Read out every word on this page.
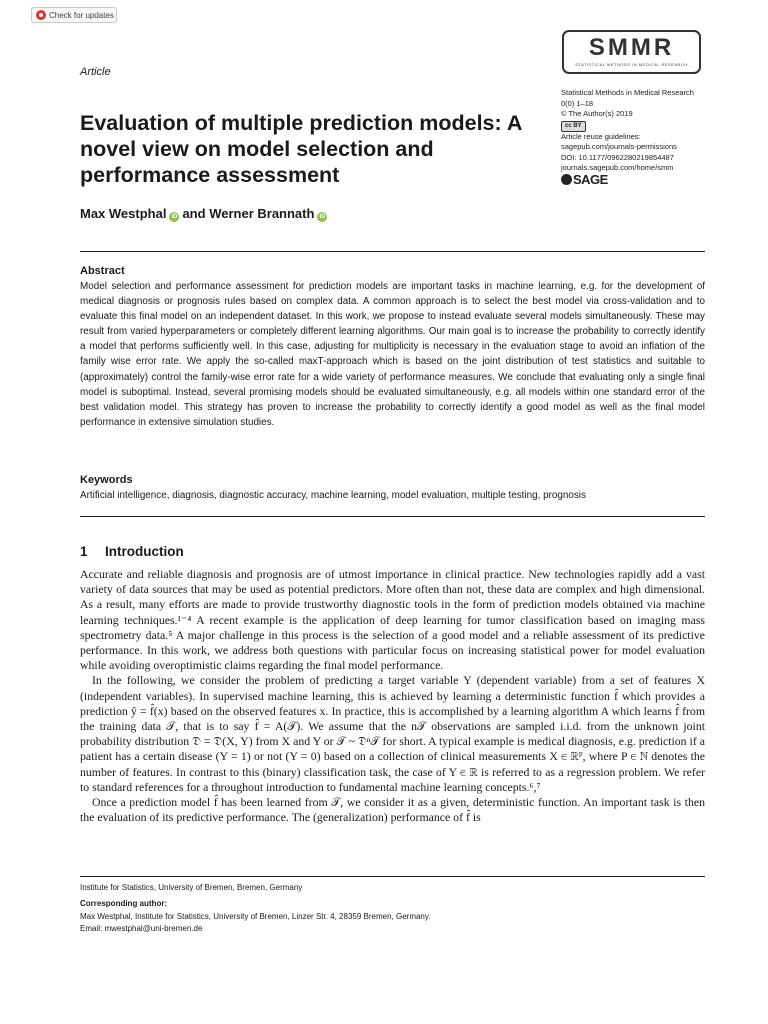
Check for updates
Article
Evaluation of multiple prediction models: A novel view on model selection and performance assessment
Max Westphal iD and Werner Brannath iD
SMMR
STATISTICAL METHODS IN MEDICAL RESEARCH
Statistical Methods in Medical Research
0(0) 1–18
© The Author(s) 2019
cc BY
Article reuse guidelines:
sagepub.com/journals-permissions
DOI: 10.1177/0962280219854487
journals.sagepub.com/home/smm
SAGE
Abstract
Model selection and performance assessment for prediction models are important tasks in machine learning, e.g. for the development of medical diagnosis or prognosis rules based on complex data. A common approach is to select the best model via cross-validation and to evaluate this final model on an independent dataset. In this work, we propose to instead evaluate several models simultaneously. These may result from varied hyperparameters or completely different learning algorithms. Our main goal is to increase the probability to correctly identify a model that performs sufficiently well. In this case, adjusting for multiplicity is necessary in the evaluation stage to avoid an inflation of the family wise error rate. We apply the so-called maxT-approach which is based on the joint distribution of test statistics and suitable to (approximately) control the family-wise error rate for a wide variety of performance measures. We conclude that evaluating only a single final model is suboptimal. Instead, several promising models should be evaluated simultaneously, e.g. all models within one standard error of the best validation model. This strategy has proven to increase the probability to correctly identify a good model as well as the final model performance in extensive simulation studies.
Keywords
Artificial intelligence, diagnosis, diagnostic accuracy, machine learning, model evaluation, multiple testing, prognosis
1 Introduction

Accurate and reliable diagnosis and prognosis are of utmost importance in clinical practice. New technologies rapidly add a vast variety of data sources that may be used as potential predictors. More often than not, these data are complex and high dimensional. As a result, many efforts are made to provide trustworthy diagnostic tools in the form of prediction models obtained via machine learning techniques.¹⁻⁴ A recent example is the application of deep learning for tumor classification based on imaging mass spectrometry data.⁵ A major challenge in this process is the selection of a good model and a reliable assessment of its predictive performance. In this work, we address both questions with particular focus on increasing statistical power for model evaluation while avoiding overoptimistic claims regarding the final model performance.

In the following, we consider the problem of predicting a target variable Y (dependent variable) from a set of features X (independent variables). In supervised machine learning, this is achieved by learning a deterministic function f̂ which provides a prediction ŷ = f̂(x) based on the observed features x. In practice, this is accomplished by a learning algorithm A which learns f̂ from the training data 𝒯, that is to say f̂ = A(𝒯). We assume that the n𝒯 observations are sampled i.i.d. from the unknown joint probability distribution 𝔇 = 𝔇(X, Y) from X and Y or 𝒯 ~ 𝔇ⁿ𝒯 for short. A typical example is medical diagnosis, e.g. prediction if a patient has a certain disease (Y = 1) or not (Y = 0) based on a collection of clinical measurements X ∈ ℝᴾ, where P ∈ ℕ denotes the number of features. In contrast to this (binary) classification task, the case of Y ∈ ℝ is referred to as a regression problem. We refer to standard references for a throughout introduction to fundamental machine learning concepts.⁶,⁷

Once a prediction model f̂ has been learned from 𝒯, we consider it as a given, deterministic function. An important task is then the evaluation of its predictive performance. The (generalization) performance of f̂ is

Institute for Statistics, University of Bremen, Bremen, Germany
Corresponding author:
Max Westphal, Institute for Statistics, University of Bremen, Linzer Str. 4, 28359 Bremen, Germany.
Email: mwestphal@uni-bremen.de
